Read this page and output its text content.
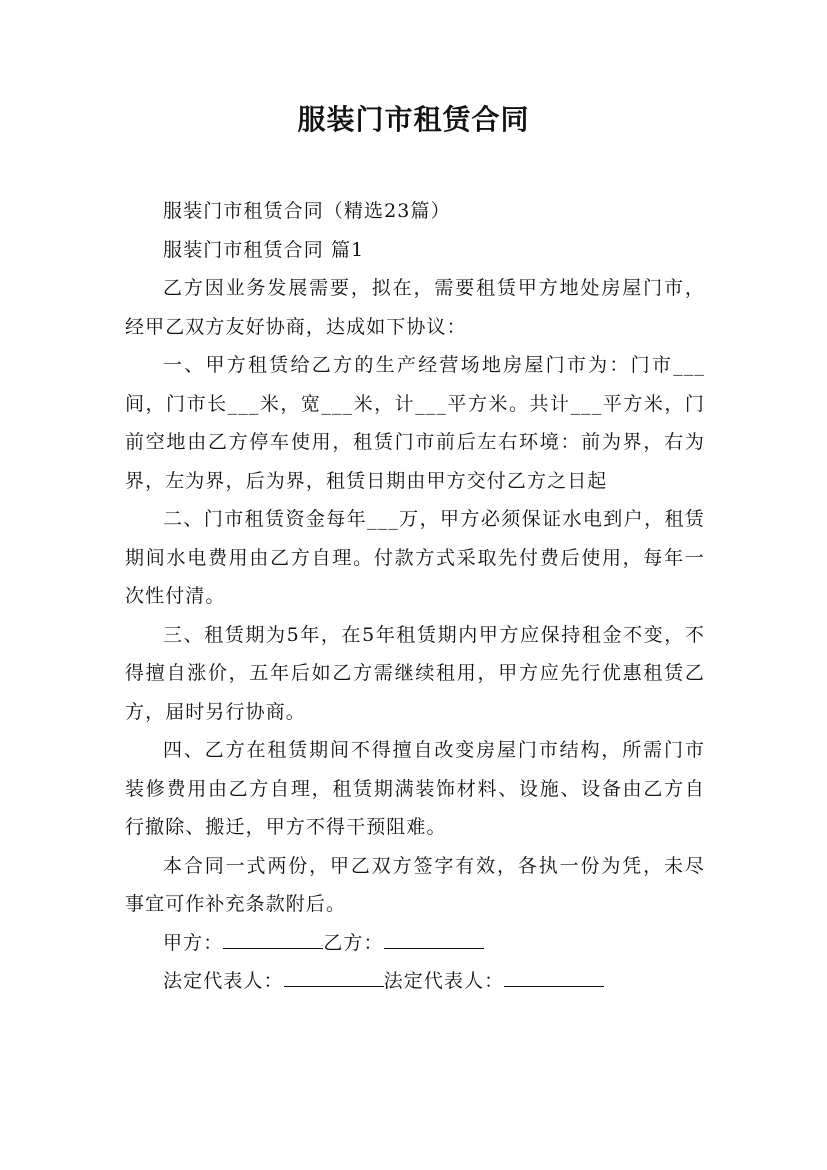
服装门市租赁合同

服装门市租赁合同（精选23篇）

服装门市租赁合同 篇1

乙方因业务发展需要，拟在，需要租赁甲方地处房屋门市，经甲乙双方友好协商，达成如下协议：

一、甲方租赁给乙方的生产经营场地房屋门市为：门市___间，门市长___米，宽___米，计___平方米。共计___平方米，门前空地由乙方停车使用，租赁门市前后左右环境：前为界，右为界，左为界，后为界，租赁日期由甲方交付乙方之日起

二、门市租赁资金每年___万，甲方必须保证水电到户，租赁期间水电费用由乙方自理。付款方式采取先付费后使用，每年一次性付清。

三、租赁期为5年，在5年租赁期内甲方应保持租金不变，不得擅自涨价，五年后如乙方需继续租用，甲方应先行优惠租赁乙方，届时另行协商。

四、乙方在租赁期间不得擅自改变房屋门市结构，所需门市装修费用由乙方自理，租赁期满装饰材料、设施、设备由乙方自行撤除、搬迁，甲方不得干预阻难。

本合同一式两份，甲乙双方签字有效，各执一份为凭，未尽事宜可作补充条款附后。

甲方：	乙方：

法定代表人：	法定代表人：
